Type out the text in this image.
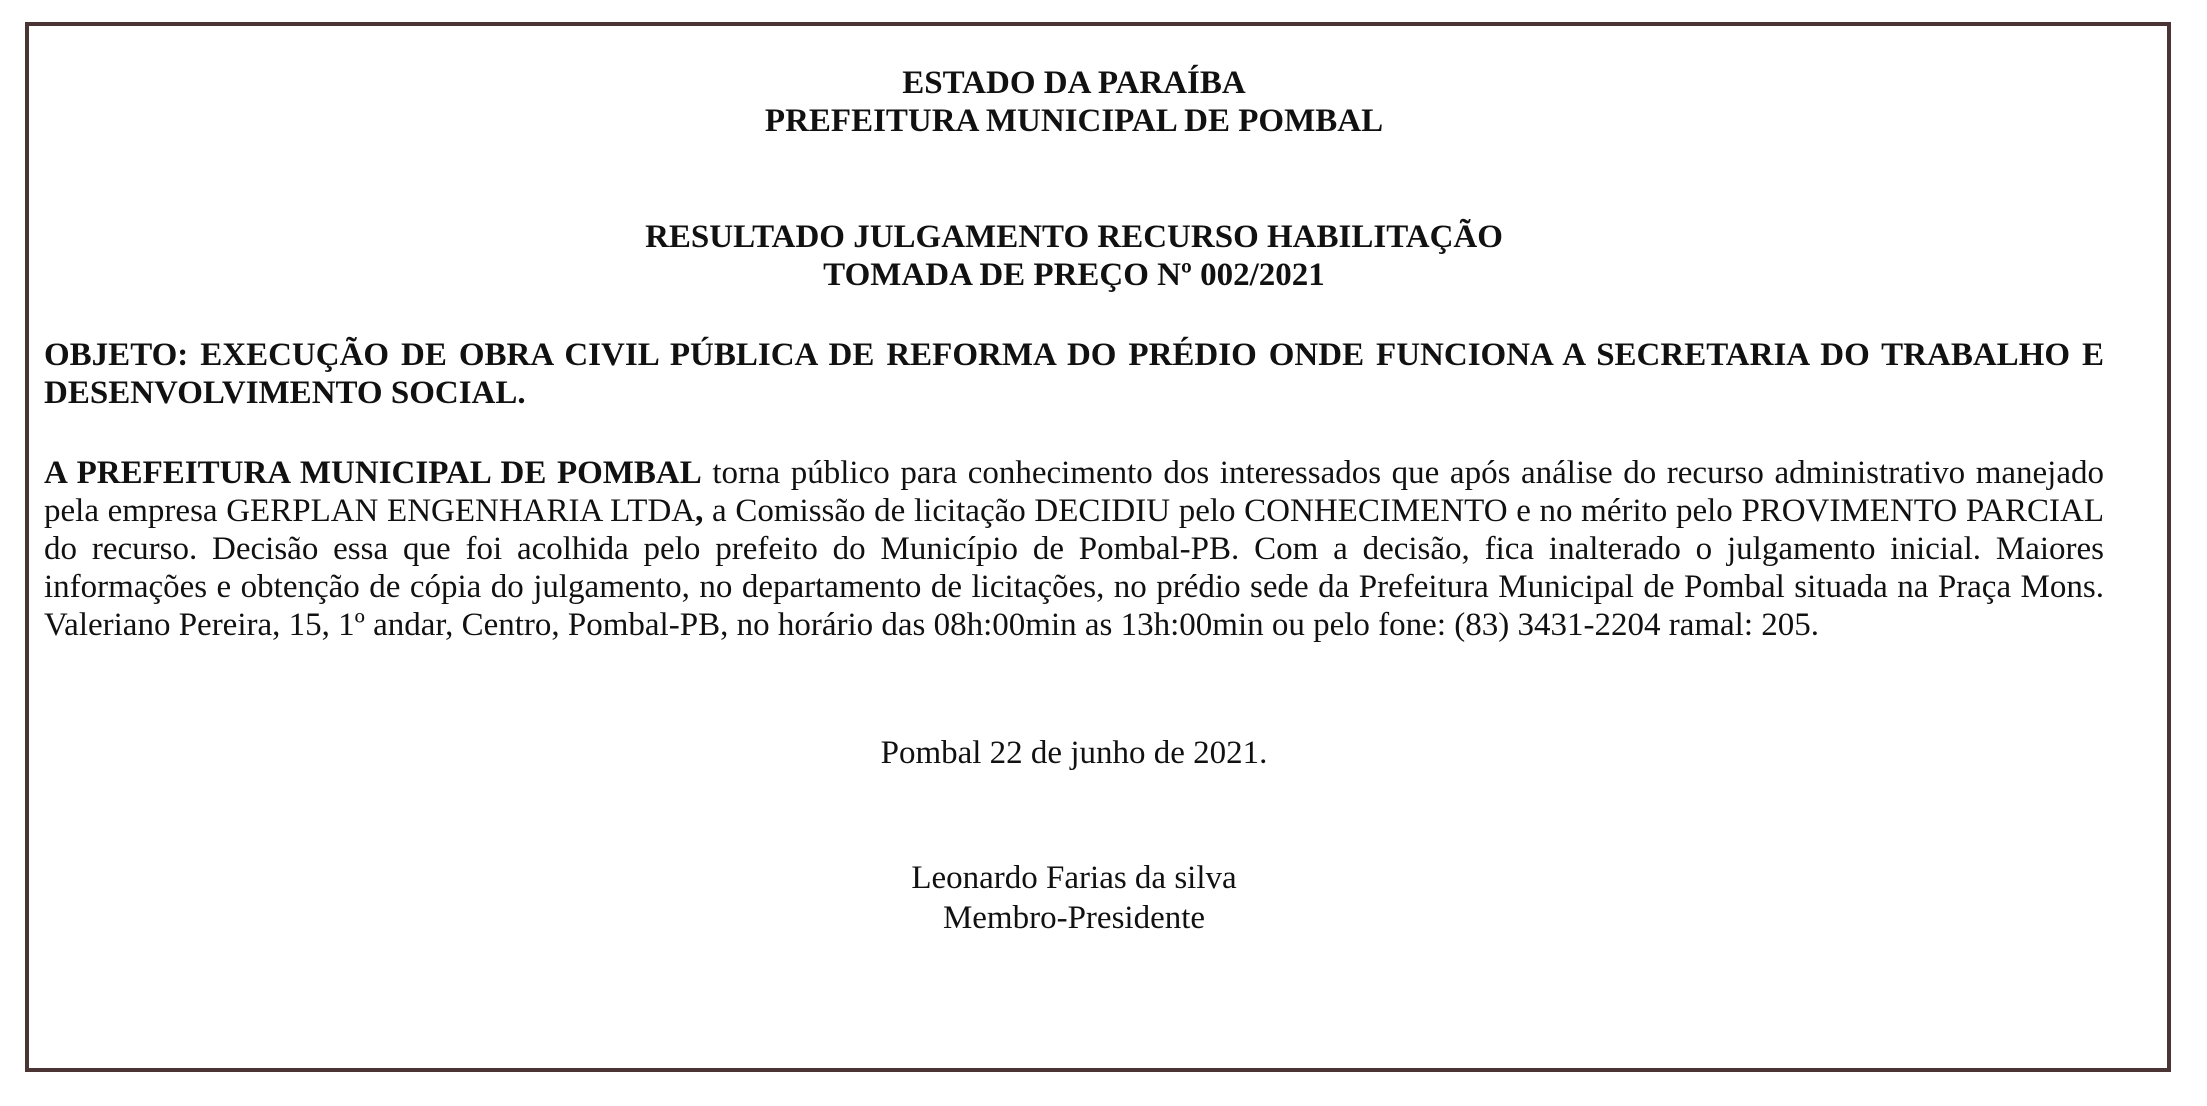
ESTADO DA PARAÍBA

PREFEITURA MUNICIPAL DE POMBAL

RESULTADO JULGAMENTO RECURSO HABILITAÇÃO

TOMADA DE PREÇO Nº 002/2021

OBJETO: EXECUÇÃO DE OBRA CIVIL PÚBLICA DE REFORMA DO PRÉDIO ONDE FUNCIONA A SECRETARIA DO TRABALHO E DESENVOLVIMENTO SOCIAL.

A PREFEITURA MUNICIPAL DE POMBAL torna público para conhecimento dos interessados que após análise do recurso administrativo manejado pela empresa GERPLAN ENGENHARIA LTDA, a Comissão de licitação DECIDIU pelo CONHECIMENTO e no mérito pelo PROVIMENTO PARCIAL do recurso. Decisão essa que foi acolhida pelo prefeito do Município de Pombal-PB. Com a decisão, fica inalterado o julgamento inicial. Maiores informações e obtenção de cópia do julgamento, no departamento de licitações, no prédio sede da Prefeitura Municipal de Pombal situada na Praça Mons. Valeriano Pereira, 15, 1º andar, Centro, Pombal-PB, no horário das 08h:00min as 13h:00min ou pelo fone: (83) 3431-2204 ramal: 205.

Pombal 22 de junho de 2021.

Leonardo Farias da silva
Membro-Presidente
